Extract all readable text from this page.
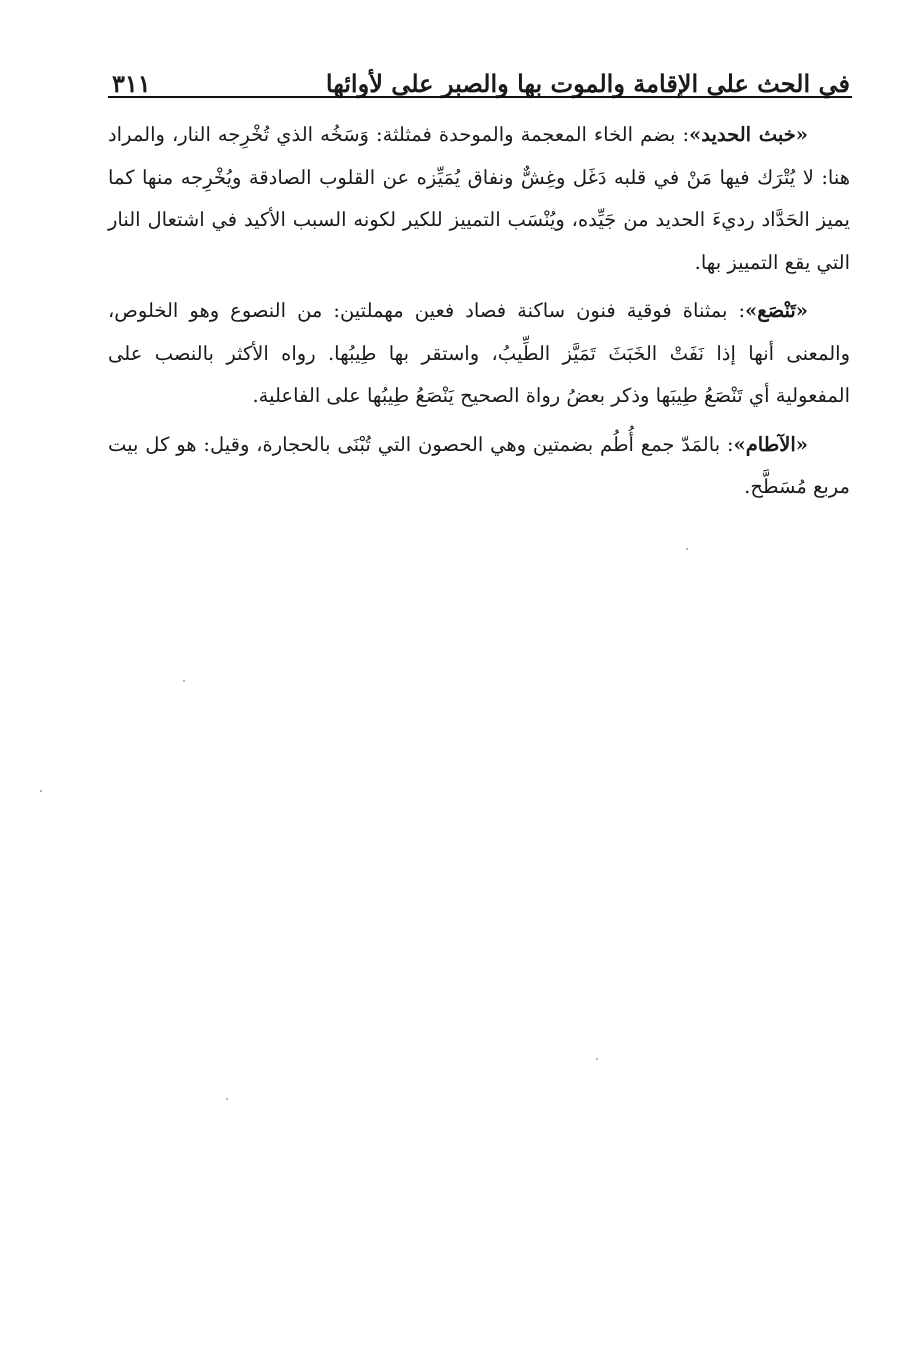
في الحث على الإقامة والموت بها والصبر على لأوائها
٣١١

«خبث الحديد»: بضم الخاء المعجمة والموحدة فمثلثة: وَسَخُه الذي تُخْرِجه النار، والمراد هنا: لا يُتْرَك فيها مَنْ في قلبه دَغَل وغِشٌّ ونفاق يُمَيِّزه عن القلوب الصادقة ويُخْرِجه منها كما يميز الحَدَّاد رديءَ الحديد من جَيِّده، ويُنْسَب التمييز للكير لكونه السبب الأكيد في اشتعال النار التي يقع التمييز بها.

«تَنْصَع»: بمثناة فوقية فنون ساكنة فصاد فعين مهملتين: من النصوع وهو الخلوص، والمعنى أنها إذا نَفَتْ الخَبَثَ تَمَيَّز الطِّيبُ، واستقر بها طِيبُها. رواه الأكثر بالنصب على المفعولية أي تَنْصَعُ طِيبَها وذكر بعضُ رواة الصحيح يَنْصَعُ طِيبُها على الفاعلية.

«الآطام»: بالمَدّ جمع أُطُم بضمتين وهي الحصون التي تُبْنَى بالحجارة، وقيل: هو كل بيت مربع مُسَطَّح.
